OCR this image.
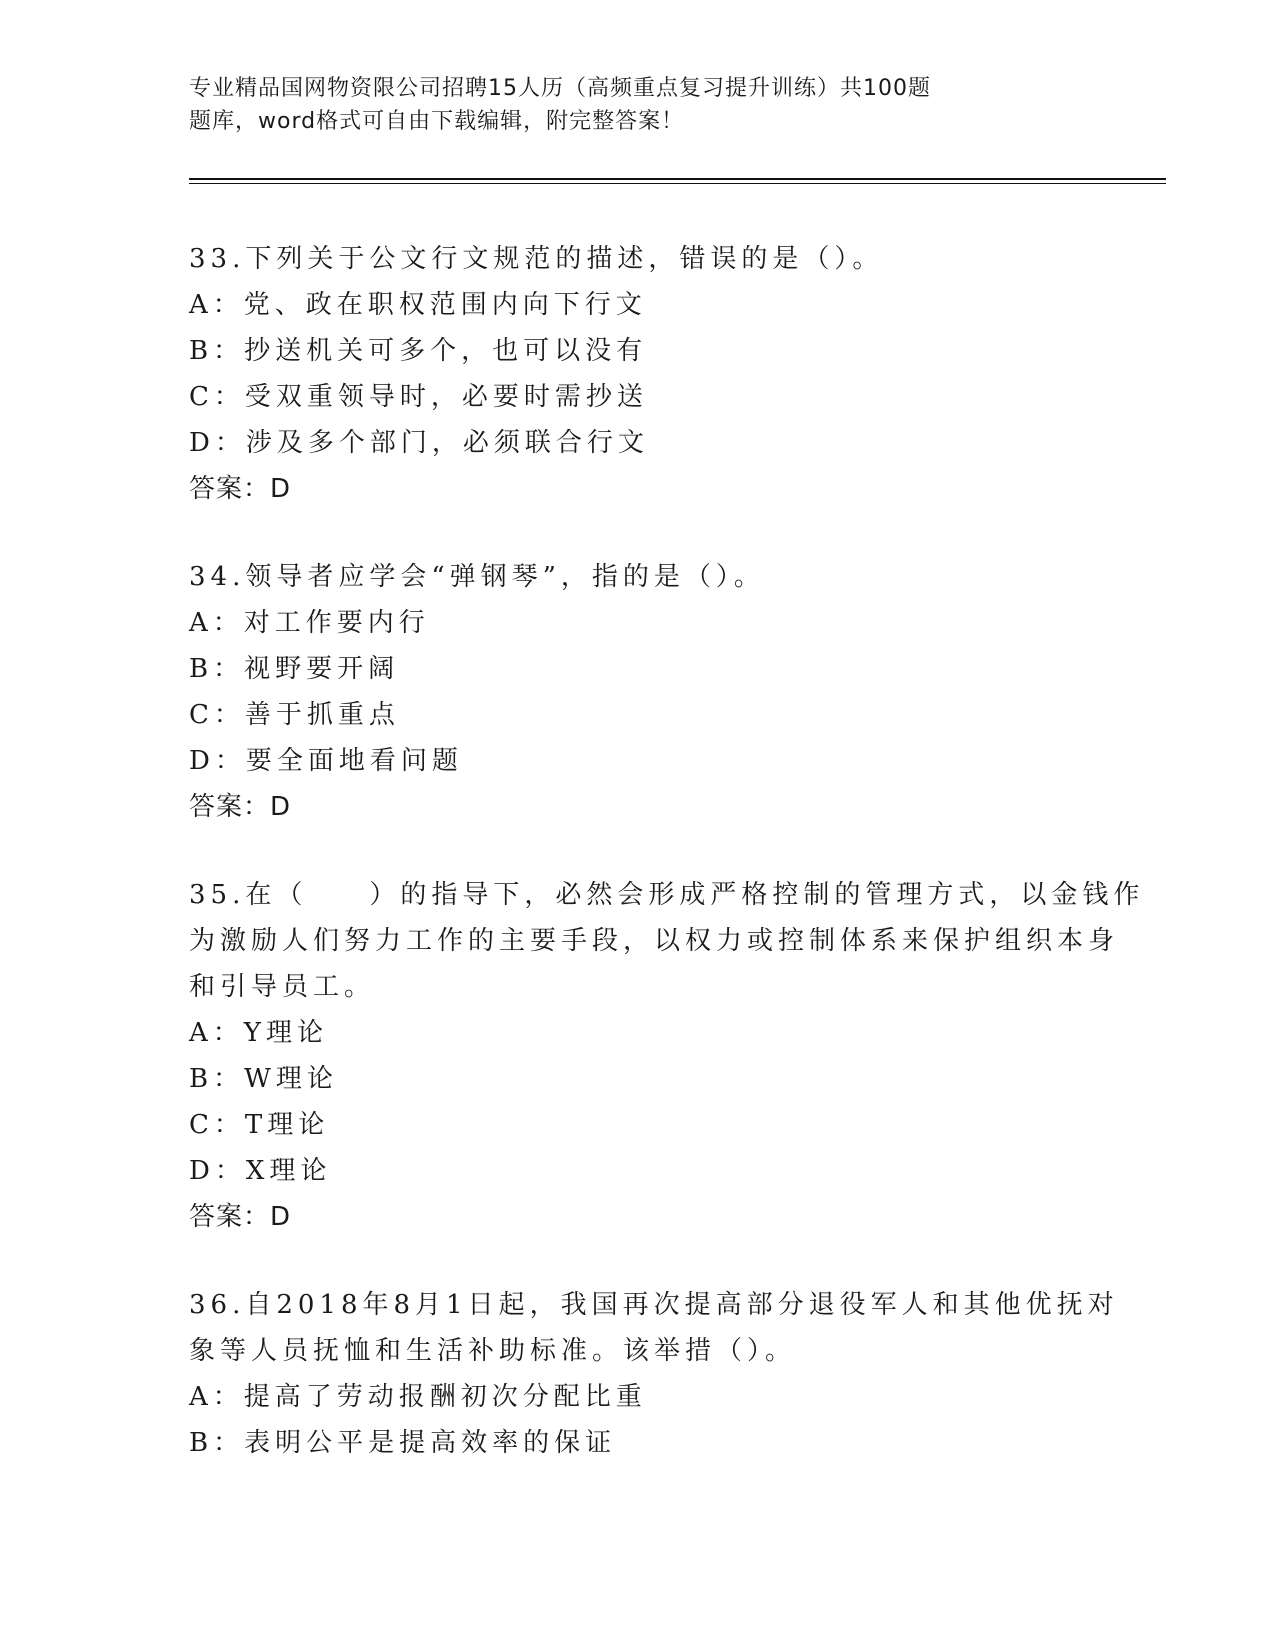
专业精品国网物资限公司招聘15人历（高频重点复习提升训练）共100题
题库，word格式可自由下载编辑，附完整答案！
33.下列关于公文行文规范的描述，错误的是（）。
A：党、政在职权范围内向下行文
B：抄送机关可多个，也可以没有
C：受双重领导时，必要时需抄送
D：涉及多个部门，必须联合行文
答案：D
34.领导者应学会“弹钢琴”，指的是（）。
A：对工作要内行
B：视野要开阔
C：善于抓重点
D：要全面地看问题
答案：D
35.在（　　）的指导下，必然会形成严格控制的管理方式，以金钱作
为激励人们努力工作的主要手段，以权力或控制体系来保护组织本身
和引导员工。
A：Y理论
B：W理论
C：T理论
D：X理论
答案：D
36.自2018年8月1日起，我国再次提高部分退役军人和其他优抚对
象等人员抚恤和生活补助标准。该举措（）。
A：提高了劳动报酬初次分配比重
B：表明公平是提高效率的保证
